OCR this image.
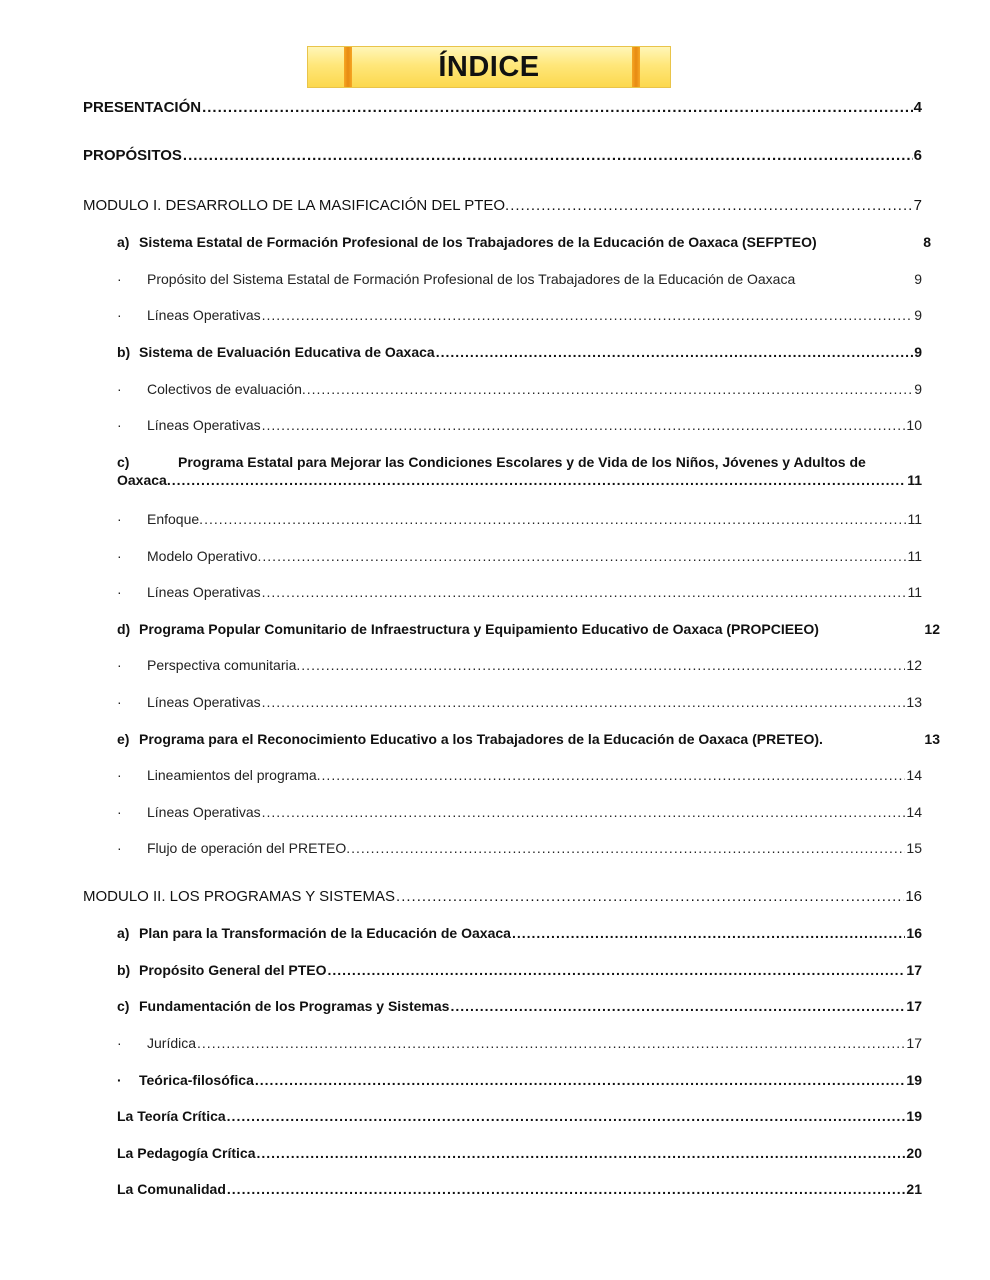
ÍNDICE
PRESENTACIÓN .....	4
PROPÓSITOS .....	6
MODULO I. DESARROLLO DE LA MASIFICACIÓN DEL PTEO. .....	7
a) Sistema Estatal de Formación Profesional de los Trabajadores de la Educación de Oaxaca (SEFPTEO)	8
· Propósito del Sistema Estatal de Formación Profesional de los Trabajadores de la Educación de Oaxaca	9
· Líneas Operativas .....	9
b) Sistema de Evaluación Educativa de Oaxaca .....	9
· Colectivos de evaluación. .....	9
· Líneas Operativas .....	10
c)	Programa Estatal para Mejorar las Condiciones Escolares y de Vida de los Niños, Jóvenes y Adultos de
Oaxaca. .....	11
· Enfoque. .....	11
· Modelo Operativo. .....	11
· Líneas Operativas .....	11
d) Programa Popular Comunitario de Infraestructura y Equipamiento Educativo de Oaxaca (PROPCIEEO)	12
· Perspectiva comunitaria. .....	12
· Líneas Operativas .....	13
e) Programa para el Reconocimiento Educativo a los Trabajadores de la Educación de Oaxaca (PRETEO).	13
· Lineamientos del programa. .....	14
· Líneas Operativas .....	14
· Flujo de operación del PRETEO. .....	15
MODULO II. LOS PROGRAMAS Y SISTEMAS .....	16
a) Plan para la Transformación de la Educación de Oaxaca .....	16
b) Propósito General del PTEO .....	17
c) Fundamentación de los Programas y Sistemas .....	17
· Jurídica .....	17
· Teórica-filosófica .....	19
La Teoría Crítica .....	19
La Pedagogía Crítica .....	20
La Comunalidad .....	21
